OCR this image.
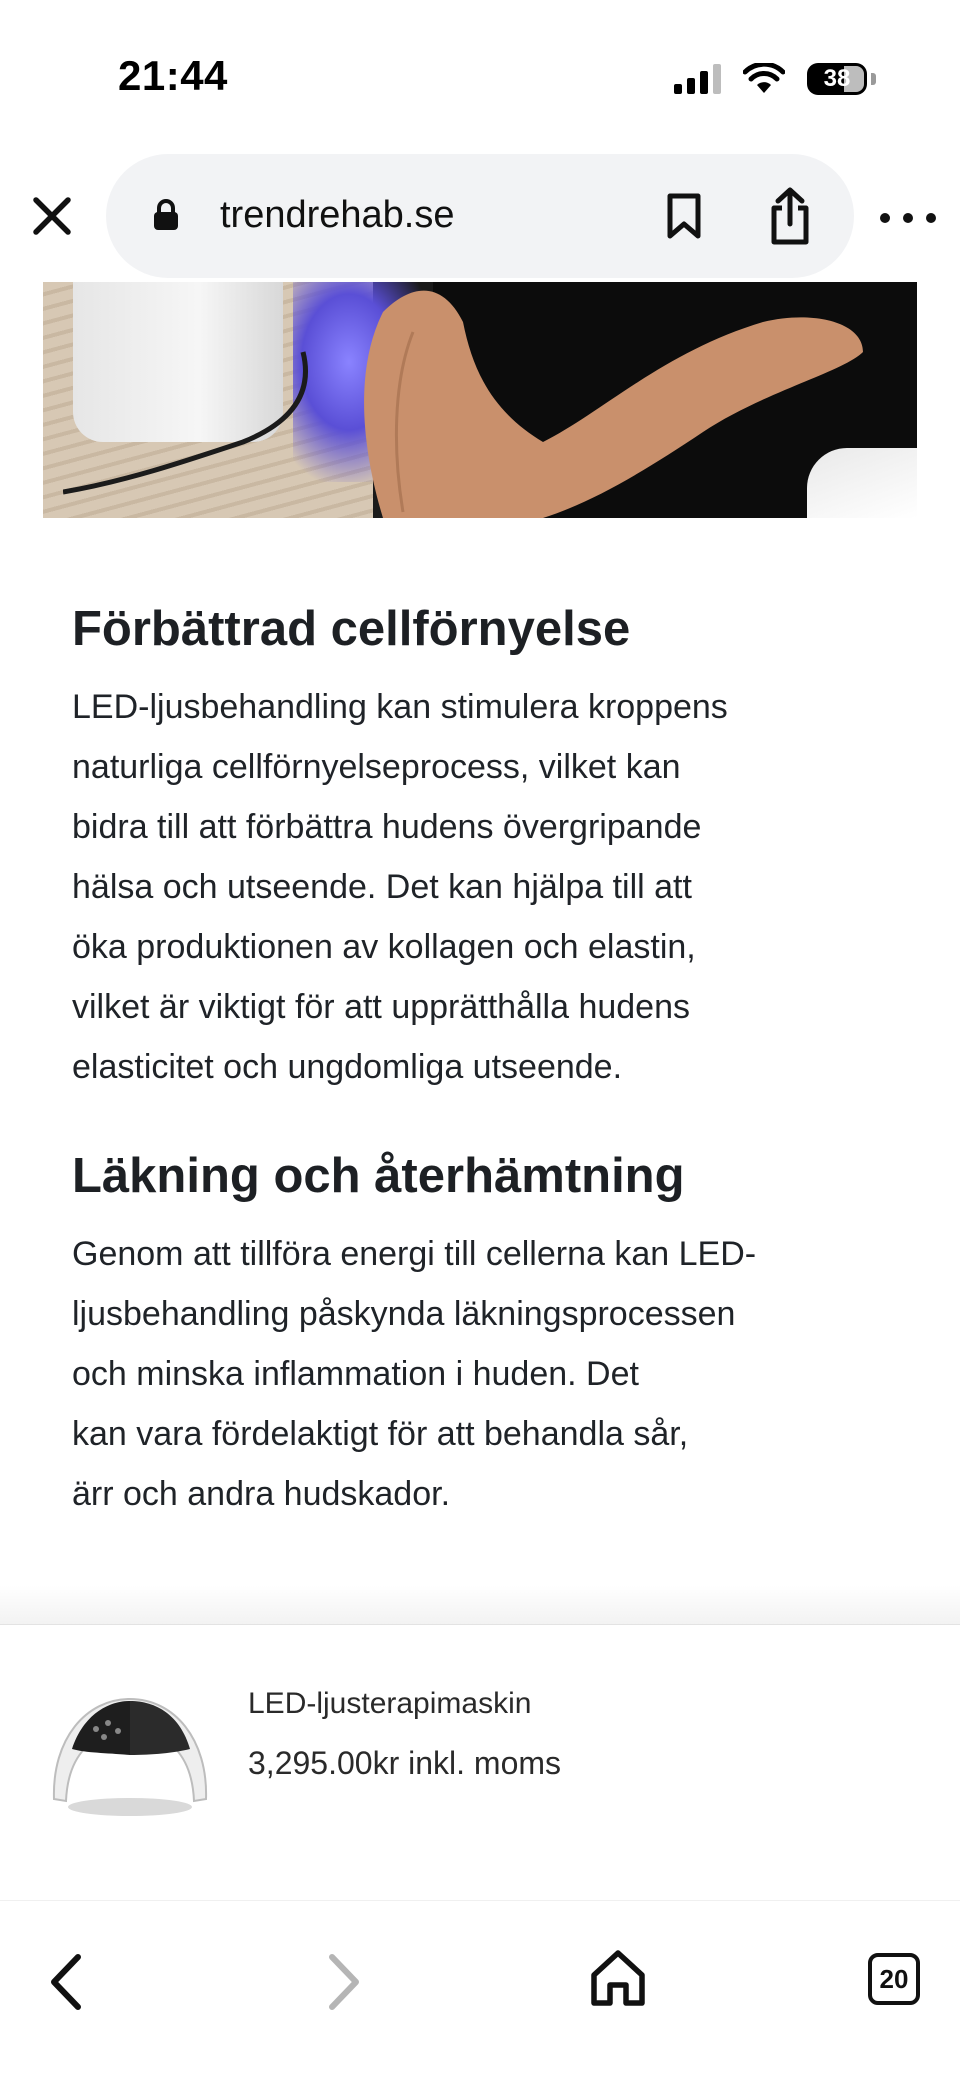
21:44	38
trendrehab.se
Förbättrad cellförnyelse

LED-ljusbehandling kan stimulera kroppens
naturliga cellförnyelseprocess, vilket kan
bidra till att förbättra hudens övergripande
hälsa och utseende. Det kan hjälpa till att
öka produktionen av kollagen och elastin,
vilket är viktigt för att upprätthålla hudens
elasticitet och ungdomliga utseende.

Läkning och återhämtning

Genom att tillföra energi till cellerna kan LED-
ljusbehandling påskynda läkningsprocessen
och minska inflammation i huden. Det
kan vara fördelaktigt för att behandla sår,
ärr och andra hudskador.

LED-ljusterapimaskin
3,295.00kr inkl. moms
20
